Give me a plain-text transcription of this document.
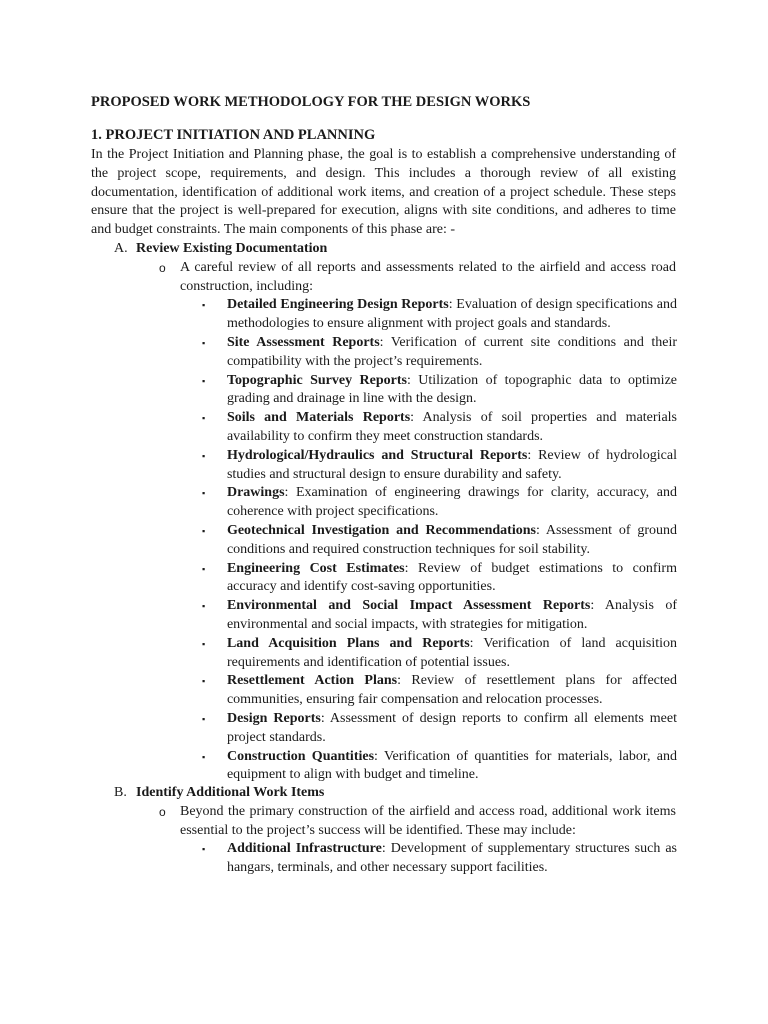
PROPOSED WORK METHODOLOGY FOR THE DESIGN WORKS
1. PROJECT INITIATION AND PLANNING
In the Project Initiation and Planning phase, the goal is to establish a comprehensive understanding of the project scope, requirements, and design. This includes a thorough review of all existing documentation, identification of additional work items, and creation of a project schedule. These steps ensure that the project is well-prepared for execution, aligns with site conditions, and adheres to time and budget constraints. The main components of this phase are: -
A. Review Existing Documentation
o	A careful review of all reports and assessments related to the airfield and access road construction, including:
▪	Detailed Engineering Design Reports: Evaluation of design specifications and methodologies to ensure alignment with project goals and standards.
▪	Site Assessment Reports: Verification of current site conditions and their compatibility with the project’s requirements.
▪	Topographic Survey Reports: Utilization of topographic data to optimize grading and drainage in line with the design.
▪	Soils and Materials Reports: Analysis of soil properties and materials availability to confirm they meet construction standards.
▪	Hydrological/Hydraulics and Structural Reports: Review of hydrological studies and structural design to ensure durability and safety.
▪	Drawings: Examination of engineering drawings for clarity, accuracy, and coherence with project specifications.
▪	Geotechnical Investigation and Recommendations: Assessment of ground conditions and required construction techniques for soil stability.
▪	Engineering Cost Estimates: Review of budget estimations to confirm accuracy and identify cost-saving opportunities.
▪	Environmental and Social Impact Assessment Reports: Analysis of environmental and social impacts, with strategies for mitigation.
▪	Land Acquisition Plans and Reports: Verification of land acquisition requirements and identification of potential issues.
▪	Resettlement Action Plans: Review of resettlement plans for affected communities, ensuring fair compensation and relocation processes.
▪	Design Reports: Assessment of design reports to confirm all elements meet project standards.
▪	Construction Quantities: Verification of quantities for materials, labor, and equipment to align with budget and timeline.
B. Identify Additional Work Items
o	Beyond the primary construction of the airfield and access road, additional work items essential to the project’s success will be identified. These may include:
▪	Additional Infrastructure: Development of supplementary structures such as hangars, terminals, and other necessary support facilities.
